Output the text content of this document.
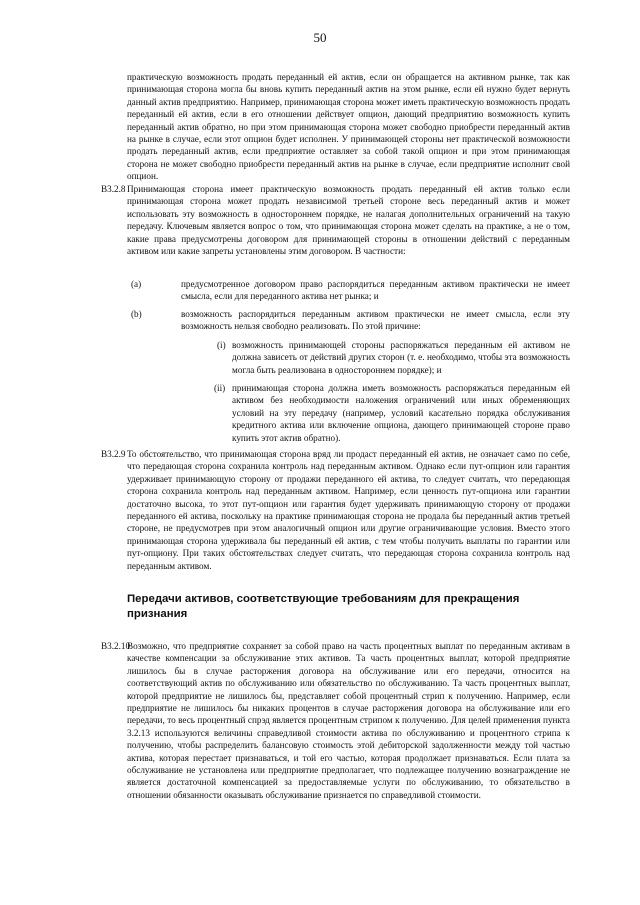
50

практическую возможность продать переданный ей актив, если он обращается на активном рынке, так как принимающая сторона могла бы вновь купить переданный актив на этом рынке, если ей нужно будет вернуть данный актив предприятию. Например, принимающая сторона может иметь практическую возможность продать переданный ей актив, если в его отношении действует опцион, дающий предприятию возможность купить переданный актив обратно, но при этом принимающая сторона может свободно приобрести переданный актив на рынке в случае, если этот опцион будет исполнен. У принимающей стороны нет практической возможности продать переданный актив, если предприятие оставляет за собой такой опцион и при этом принимающая сторона не может свободно приобрести переданный актив на рынке в случае, если предприятие исполнит свой опцион.

B3.2.8 Принимающая сторона имеет практическую возможность продать переданный ей актив только если принимающая сторона может продать независимой третьей стороне весь переданный актив и может использовать эту возможность в одностороннем порядке, не налагая дополнительных ограничений на такую передачу. Ключевым является вопрос о том, что принимающая сторона может сделать на практике, а не о том, какие права предусмотрены договором для принимающей стороны в отношении действий с переданным активом или какие запреты установлены этим договором. В частности:

(a)	предусмотренное договором право распорядиться переданным активом практически не имеет смысла, если для переданного актива нет рынка; и

(b)	возможность распорядиться переданным активом практически не имеет смысла, если эту возможность нельзя свободно реализовать. По этой причине:

(i) возможность принимающей стороны распоряжаться переданным ей активом не должна зависеть от действий других сторон (т. е. необходимо, чтобы эта возможность могла быть реализована в одностороннем порядке); и

(ii) принимающая сторона должна иметь возможность распоряжаться переданным ей активом без необходимости наложения ограничений или иных обременяющих условий на эту передачу (например, условий касательно порядка обслуживания кредитного актива или включение опциона, дающего принимающей стороне право купить этот актив обратно).

B3.2.9 То обстоятельство, что принимающая сторона вряд ли продаст переданный ей актив, не означает само по себе, что передающая сторона сохранила контроль над переданным активом. Однако если пут-опцион или гарантия удерживает принимающую сторону от продажи переданного ей актива, то следует считать, что передающая сторона сохранила контроль над переданным активом. Например, если ценность пут-опциона или гарантии достаточно высока, то этот пут-опцион или гарантия будет удерживать принимающую сторону от продажи переданного ей актива, поскольку на практике принимающая сторона не продала бы переданный актив третьей стороне, не предусмотрев при этом аналогичный опцион или другие ограничивающие условия. Вместо этого принимающая сторона удерживала бы переданный ей актив, с тем чтобы получить выплаты по гарантии или пут-опциону. При таких обстоятельствах следует считать, что передающая сторона сохранила контроль над переданным активом.

Передачи активов, соответствующие требованиям для прекращения признания
B3.2.10

Возможно, что предприятие сохраняет за собой право на часть процентных выплат по переданным активам в качестве компенсации за обслуживание этих активов. Та часть процентных выплат, которой предприятие лишилось бы в случае расторжения договора на обслуживание или его передачи, относится на соответствующий актив по обслуживанию или обязательство по обслуживанию. Та часть процентных выплат, которой предприятие не лишилось бы, представляет собой процентный стрип к получению. Например, если предприятие не лишилось бы никаких процентов в случае расторжения договора на обслуживание или его передачи, то весь процентный спрэд является процентным стрипом к получению. Для целей применения пункта 3.2.13 используются величины справедливой стоимости актива по обслуживанию и процентного стрипа к получению, чтобы распределить балансовую стоимость этой дебиторской задолженности между той частью актива, которая перестает признаваться, и той его частью, которая продолжает признаваться. Если плата за обслуживание не установлена или предприятие предполагает, что подлежащее получению вознаграждение не является достаточной компенсацией за предоставляемые услуги по обслуживанию, то обязательство в отношении обязанности оказывать обслуживание признается по справедливой стоимости.
